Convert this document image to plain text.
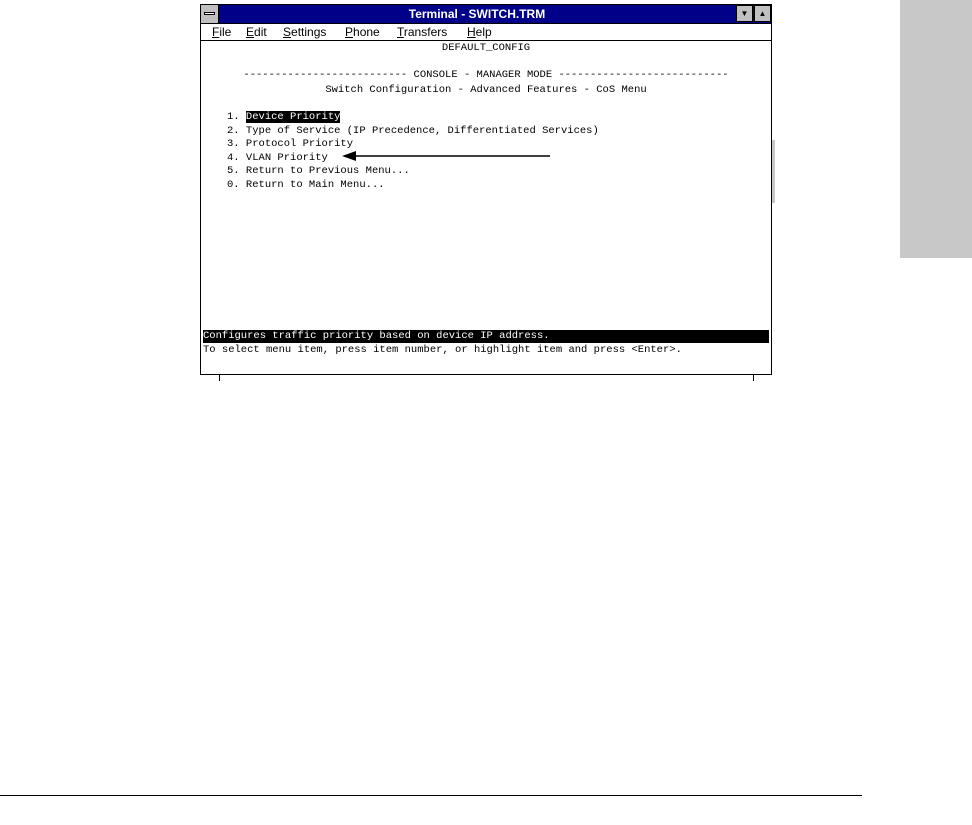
Terminal - SWITCH.TRM	▼ ▲
File Edit Settings Phone Transfers Help
DEFAULT_CONFIG
-------------------------- CONSOLE - MANAGER MODE ---------------------------
Switch Configuration - Advanced Features - CoS Menu
1. Device Priority
2. Type of Service (IP Precedence, Differentiated Services)
3. Protocol Priority
4. VLAN Priority
5. Return to Previous Menu...
0. Return to Main Menu...
Configures traffic priority based on device IP address.
To select menu item, press item number, or highlight item and press <Enter>.
